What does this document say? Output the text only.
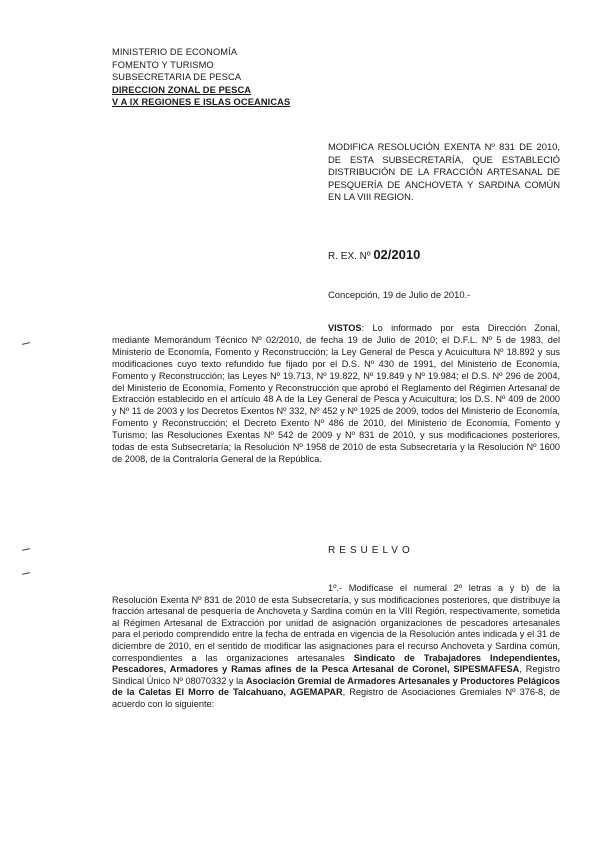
MINISTERIO DE ECONOMÍA
FOMENTO Y TURISMO
SUBSECRETARIA DE PESCA
DIRECCION ZONAL DE PESCA
V A IX REGIONES E ISLAS OCEANICAS
MODIFICA RESOLUCIÓN EXENTA Nº 831 DE 2010, DE ESTA SUBSECRETARÍA, QUE ESTABLECIÓ DISTRIBUCIÓN DE LA FRACCIÓN ARTESANAL DE PESQUERÍA DE ANCHOVETA Y SARDINA COMÚN EN LA VIII REGION.
R. EX. Nº 02/2010
Concepción, 19 de Julio de 2010.-
VISTOS: Lo informado por esta Dirección Zonal, mediante Memorándum Técnico Nº 02/2010, de fecha 19 de Julio de 2010; el D.F.L. Nº 5 de 1983, del Ministerio de Economía, Fomento y Reconstrucción; la Ley General de Pesca y Acuicultura Nº 18.892 y sus modificaciones cuyo texto refundido fue fijado por el D.S. Nº 430 de 1991, del Ministerio de Economía, Fomento y Reconstrucción; las Leyes Nº 19.713, Nº 19.822, Nº 19.849 y Nº 19.984; el D.S. Nº 296 de 2004, del Ministerio de Economía, Fomento y Reconstrucción que aprobó el Reglamento del Régimen Artesanal de Extracción establecido en el artículo 48 A de la Ley General de Pesca y Acuicultura; los D.S. Nº 409 de 2000 y Nº 11 de 2003 y los Decretos Exentos Nº 332, Nº 452 y Nº 1925 de 2009, todos del Ministerio de Economía, Fomento y Reconstrucción; el Decreto Exento Nº 486 de 2010, del Ministerio de Economía, Fomento y Turismo; las Resoluciones Exentas Nº 542 de 2009 y Nº 831 de 2010, y sus modificaciones posteriores, todas de esta Subsecretaría; la Resolución Nº 1958 de 2010 de esta Subsecretaría y la Resolución Nº 1600 de 2008, de la Contraloría General de la República.
RESUELVO
1º.- Modifícase el numeral 2º letras a y b) de la Resolución Exenta Nº 831 de 2010 de esta Subsecretaría, y sus modificaciones posteriores, que distribuye la fracción artesanal de pesquería de Anchoveta y Sardina común en la VIII Región, respectivamente, sometida al Régimen Artesanal de Extracción por unidad de asignación organizaciones de pescadores artesanales para el periodo comprendido entre la fecha de entrada en vigencia de la Resolución antes indicada y el 31 de diciembre de 2010, en el sentido de modificar las asignaciones para el recurso Anchoveta y Sardina común, correspondientes a las organizaciones artesanales Sindicato de Trabajadores Independientes, Pescadores, Armadores y Ramas afines de la Pesca Artesanal de Coronel, SIPESMAFESA, Registro Sindical Único Nº 08070332 y la Asociación Gremial de Armadores Artesanales y Productores Pelágicos de la Caletas El Morro de Talcahuano, AGEMAPAR, Registro de Asociaciones Gremiales Nº 376-8, de acuerdo con lo siguiente:
